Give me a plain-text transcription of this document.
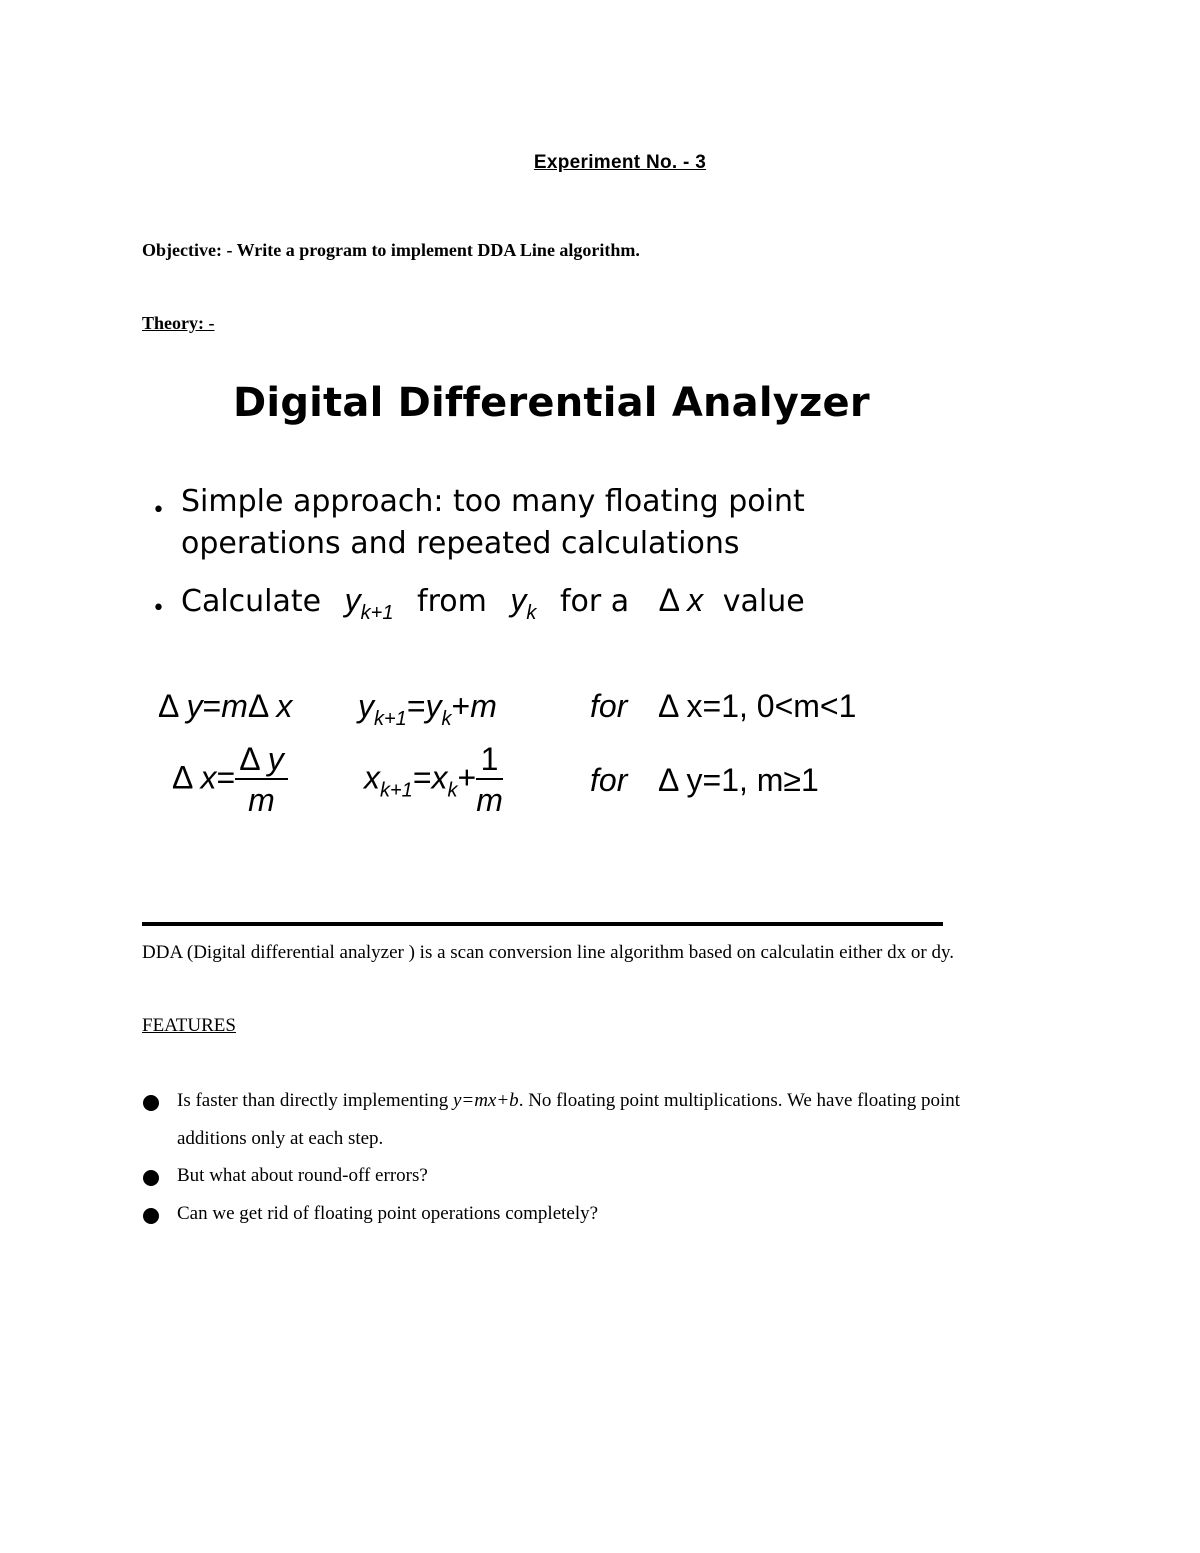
Experiment No. - 3
Objective: - Write a program to implement DDA Line algorithm.
Theory: -
Digital Differential Analyzer
• Simple approach: too many floating point
operations and repeated calculations
• Calculate $y_{k+1}$ from $y_k$ for a Δ x value
Δ y=mΔ x $y_{k+1}=y_k+m$	for Δ x=1, 0<m<1
Δ $x= \frac{\text{Δ y}}{m} x_{k+1}=x_k+ \frac{1}{m}$	for Δ y=1, m≥1
DDA (Digital differential analyzer ) is a scan conversion line algorithm based on calculatin either dx or dy.
FEATURES
Is faster than directly implementing y=mx+b. No floating point multiplications. We have floating point
additions only at each step.
But what about round-off errors?
Can we get rid of floating point operations completely?
